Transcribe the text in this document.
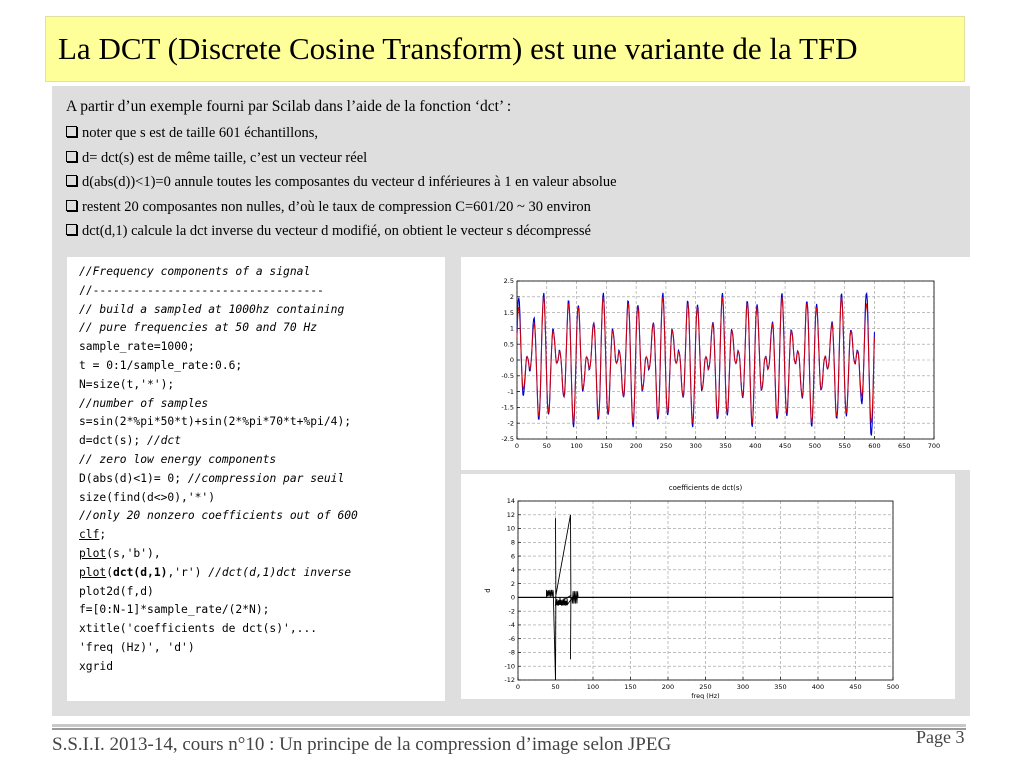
La DCT (Discrete Cosine Transform) est une variante de la TFD
A partir d’un exemple fourni par Scilab dans l’aide de la fonction ‘dct’ :
noter que s est de taille 601 échantillons,
d= dct(s) est de même taille, c’est un vecteur réel
d(abs(d))<1)=0 annule toutes les composantes du vecteur d inférieures à 1 en valeur absolue
restent 20 composantes non nulles, d’où le taux de compression C=601/20 ~ 30 environ
dct(d,1) calcule la dct inverse du vecteur d modifié, on obtient le vecteur s décompressé
//Frequency components of a signal
//----------------------------------
// build a sampled at 1000hz containing
// pure frequencies at 50 and 70 Hz
sample_rate=1000;
t = 0:1/sample_rate:0.6;
N=size(t,'*');
//number of samples
s=sin(2*%pi*50*t)+sin(2*%pi*70*t+%pi/4);
d=dct(s); //dct
// zero low energy components
D(abs(d)<1)= 0; //compression par seuil
size(find(d<>0),'*')
//only 20 nonzero coefficients out of 600
clf;
plot(s,'b'),
plot(dct(d,1),'r') //dct(d,1)dct inverse
plot2d(f,d)
f=[0:N-1]*sample_rate/(2*N);
xtitle('coefficients de dct(s)',...
'freq (Hz)', 'd')
xgrid
0	50	100	150	200	250	300	350	400	450	500	550	600	650	700
-2.5
-2
-1.5
-1
-0.5
0
0.5
1
1.5
2
2.5
0	50	100	150	200	250	300	350	400	450	500
-12
-10
-8
-6
-4
-2
0
2
4
6
8
10
12
14
coefficients de dct(s)
freq (Hz)
d
S.S.I.I. 2013-14, cours n°10 : Un principe de la compression d’image selon JPEG	Page 3
